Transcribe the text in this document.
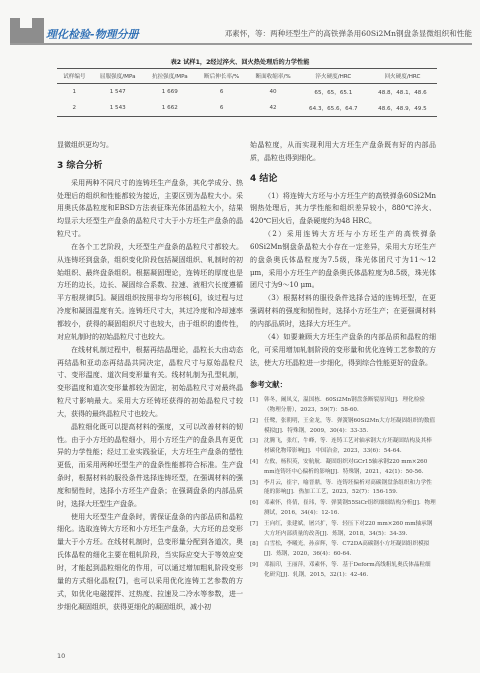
理化检验-物理分册	邓素怀，等：两种坯型生产的高铁弹条用60Si2Mn钢盘条显微组织和性能
表2 试样1，2经过淬火、回火热处理后的力学性能
试样编号	屈服强度/MPa	抗拉强度/MPa	断后伸长率/%	断面收缩率/%	淬火硬度/HRC	回火硬度/HRC
1	1 547	1 669	6	40	65，65，65.1	48.8，48.1，48.6
2	1 543	1 662	6	42	64.3，65.6，64.7	48.6，48.9，49.5

显微组织更均匀。

3 综合分析

采用两种不同尺寸的连铸坯生产盘条，其化学成分、热处理后的组织和性能都较为接近，主要区别为晶粒大小。采用奥氏体晶粒度和EBSD方法表征珠光体团晶粒大小，结果均显示大坯型生产盘条的晶粒尺寸大于小方坯生产盘条的晶粒尺寸。

在各个工艺阶段，大坯型生产盘条的晶粒尺寸都较大。从连铸坯到盘条，组织变化阶段包括凝固组织、轧制时的初始组织、最终盘条组织。根据凝固理论，连铸坯的厚度也是方坯的边长，边长、凝固综合系数、拉速、液相穴长度遵循平方根规律[5]。凝固组织按照非均匀形核[6]，该过程与过冷度和凝固温度有关。连铸坯尺寸大，其过冷度和冷却速率都较小，获得的凝固组织尺寸也较大，由于组织的遗传性，对应轧制时的初始晶粒尺寸也较大。

在线材轧制过程中，根据再结晶理论，晶粒长大由动态再结晶和亚动态再结晶共同决定，晶粒尺寸与原始晶粒尺寸、变形温度、道次间变形量有关。线材轧制为孔型轧制，变形温度和道次变形量都较为固定，初始晶粒尺寸对最终晶粒尺寸影响最大。采用大方坯铸坯获得的初始晶粒尺寸较大，获得的最终晶粒尺寸也较大。

晶粒细化既可以提高材料的强度，又可以改善材料的韧性。由于小方坯的晶粒细小，用小方坯生产的盘条具有更优异的力学性能；经过工业实践验证，大方坯生产盘条的塑性更低，而采用两种坯型生产的盘条性能都符合标准。生产盘条时，根据材料的服役条件选择连铸坯型，在强调材料的强度和韧性时，选择小方坯生产盘条；在强调盘条的内部品质时，选择大坯型生产盘条。

使用大坯型生产盘条时，需保证盘条的内部品质和晶粒细化。选取连铸大方坯和小方坯生产盘条，大方坯的总变形量大于小方坯。在线材轧制时，总变形量分配到各道次，奥氏体晶粒的细化主要在粗轧阶段，当实际应变大于等效应变时，才能起到晶粒细化的作用，可以通过增加粗轧阶段变形量的方式细化晶粒[7]，也可以采用优化连铸工艺参数的方式，如优化电磁搅拌、过热度、拉速及二冷水等参数，进一步细化凝固组织，获得更细化的凝固组织，减小初

始晶粒度，从而实现利用大方坯生产盘条既有好的内部品质，晶粒也得到细化。

4 结论

（1）将连铸大方坯与小方坯生产的高铁弹条60Si2Mn钢热处理后，其力学性能和组织差异较小，880℃淬火、420℃回火后，盘条硬度约为48 HRC。

（2）采用连铸大方坯与小方坯生产的高铁弹条60Si2Mn钢盘条晶粒大小存在一定差异，采用大方坯生产的盘条奥氏体晶粒度为7.5级，珠光体团尺寸为11～12 μm，采用小方坯生产的盘条奥氏体晶粒度为8.5级，珠光体团尺寸为9～10 μm。

（3）根据材料的服役条件选择合适的连铸坯型，在更强调材料的强度和韧性时，选择小方坯生产；在更强调材料的内部品质时，选择大方坯生产。

（4）如要兼顾大方坯生产盘条的内部品质和晶粒的细化，可采用增加轧制阶段的变形量和优化连铸工艺参数的方法，使大方坯晶粒进一步细化，得到综合性能更好的盘条。

参考文献：
[1]	韩冬，阚凤义，温国栋．60Si2Mn钢盘条断裂原因[J]．理化检验（物理分册），2023，59(7)：58-60.
[2]	任鹭，张朝明，王金龙，等．弹簧钢60Si2Mn大方坯凝固组织的数值模拟[J]．特殊钢，2009，30(4)：33-35.
[3]	沈腾飞，张红，牛峰，等．连铸工艺对轴承钢大方坯凝固结构及其棒材碳化物带影响[J]．中国冶金，2023，33(6)：54-64.
[4]	左攸，杨积英，安航航．凝固组织对GCr15轴承钢220 mm×260 mm连铸坯中心偏析的影响[J]．特殊钢，2021，42(1)：50-56.
[5]	李月云，崔宇，喻晋鼎，等．连铸坯偏析对高碳钢盘条组织和力学性能的影响[J]．热加工工艺，2023，52(7)：156-159.
[6]	邓素怀，佟倩，崔玮，等．弹簧钢55SiCr组织细细结构分析[J]．物理测试，2016，34(4)：12-16.
[7]	王向红，张建斌，屠兴扩，等．轻压下对220 mm×260 mm轴承钢大方坯内部质量的改善[J]．炼钢，2018，34(5)：34-39.
[8]	白雪松，李曦光，孙彦辉，等．C72DA高碳钢小方坯凝固组织模拟[J]．炼钢，2020，36(4)：60-64.
[9]	邓振印，王丽萍，邓素怀，等．基于Deform高线粗轧奥氏体晶粒细化研究[J]．轧钢，2015，32(1)：42-46.
10
